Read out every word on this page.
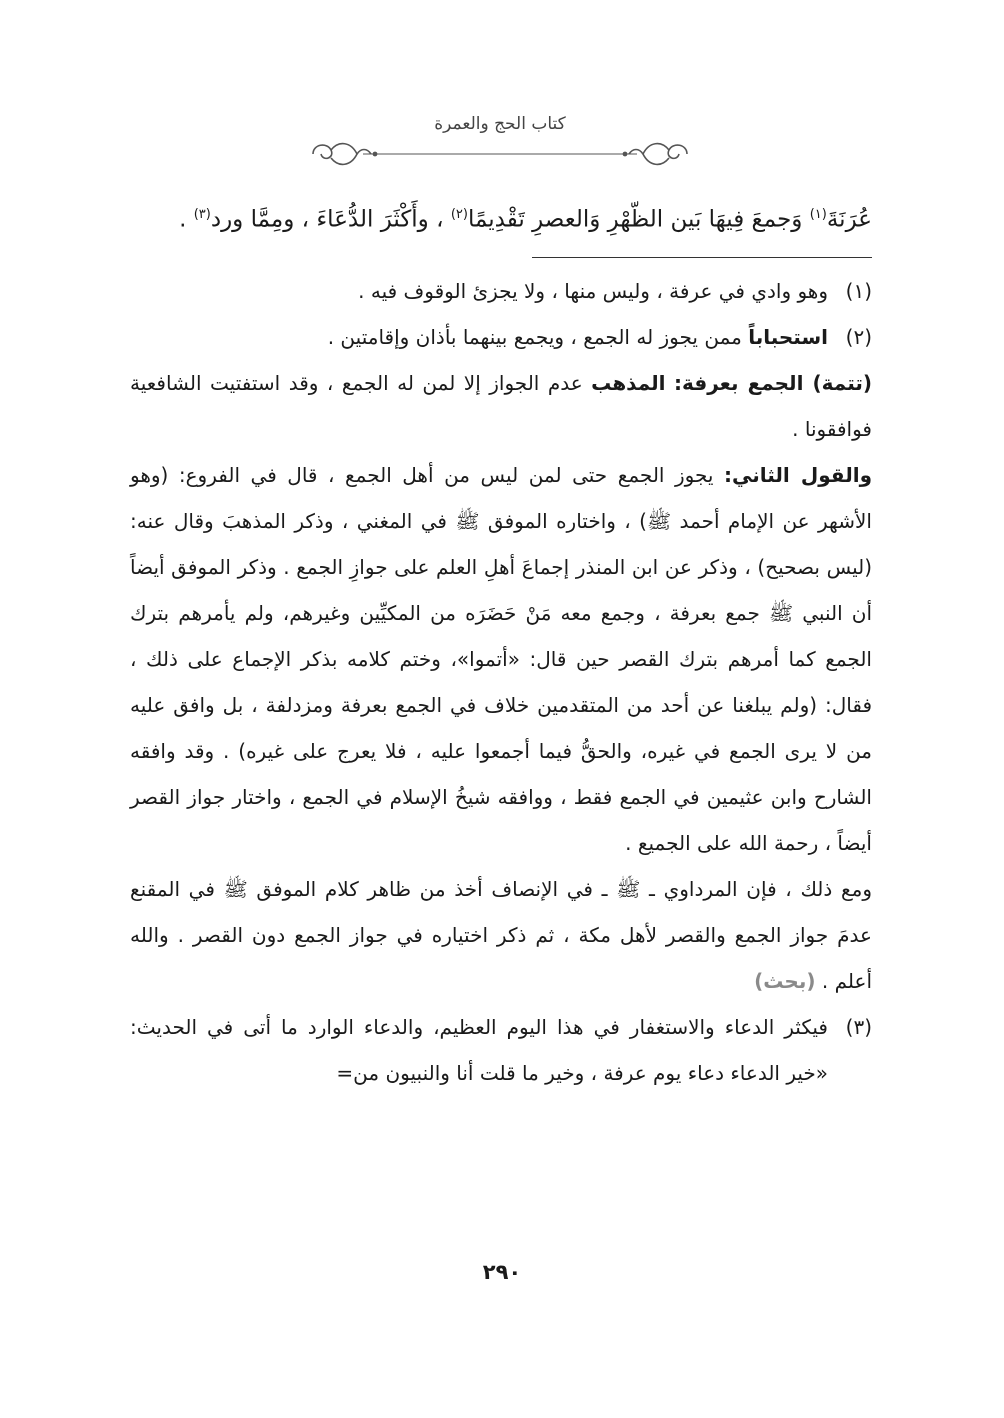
كتاب الحج والعمرة

عُرَنَةَ$^{(١)}$ وَجمعَ فِيهَا بَين الظّهْرِ وَالعصرِ تَقْدِيمًا$^{(٢)}$ ، وأَكْثَرَ الدُّعَاءَ ، ومِمَّا ورد$^{(٣)}$ .

(١)
وهو وادي في عرفة ، وليس منها ، ولا يجزئ الوقوف فيه .
(٢)
استحباباً ممن يجوز له الجمع ، ويجمع بينهما بأذان وإقامتين .

(تتمة) الجمع بعرفة: المذهب عدم الجواز إلا لمن له الجمع ، وقد استفتيت الشافعية فوافقونا .

والقول الثاني: يجوز الجمع حتى لمن ليس من أهل الجمع ، قال في الفروع: (وهو الأشهر عن الإمام أحمد ﷺ) ، واختاره الموفق ﷺ في المغني ، وذكر المذهبَ وقال عنه: (ليس بصحيح) ، وذكر عن ابن المنذر إجماعَ أهلِ العلم على جوازِ الجمع . وذكر الموفق أيضاً أن النبي ﷺ جمع بعرفة ، وجمع معه مَنْ حَضَرَه من المكيِّين وغيرهم، ولم يأمرهم بترك الجمع كما أمرهم بترك القصر حين قال: «أتموا»، وختم كلامه بذكر الإجماع على ذلك ، فقال: (ولم يبلغنا عن أحد من المتقدمين خلاف في الجمع بعرفة ومزدلفة ، بل وافق عليه من لا يرى الجمع في غيره، والحقُّ فيما أجمعوا عليه ، فلا يعرج على غيره) . وقد وافقه الشارح وابن عثيمين في الجمع فقط ، ووافقه شيخُ الإسلام في الجمع ، واختار جواز القصر أيضاً ، رحمة الله على الجميع .

ومع ذلك ، فإن المرداوي ـ ﷺ ـ في الإنصاف أخذ من ظاهر كلام الموفق ﷺ في المقنع عدمَ جواز الجمع والقصر لأهل مكة ، ثم ذكر اختياره في جواز الجمع دون القصر . والله أعلم . (بحث)

(٣)
فيكثر الدعاء والاستغفار في هذا اليوم العظيم، والدعاء الوارد ما أتى في الحديث: «خير الدعاء دعاء يوم عرفة ، وخير ما قلت أنا والنبيون من=
٢٩٠
